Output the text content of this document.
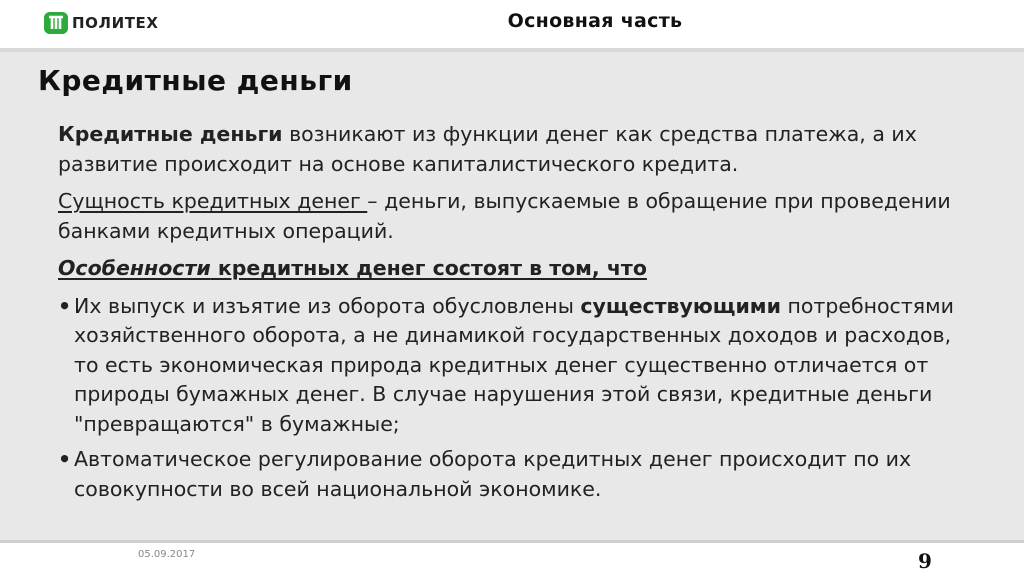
ПОЛИТЕХ	Основная часть
Кредитные деньги

Кредитные деньги возникают из функции денег как средства платежа, а их развитие происходит на основе капиталистического кредита.

Сущность кредитных денег – деньги, выпускаемые в обращение при проведении банками кредитных операций.

Особенности кредитных денег состоят в том, что

• Их выпуск и изъятие из оборота обусловлены существующими потребностями хозяйственного оборота, а не динамикой государственных доходов и расходов, то есть экономическая природа кредитных денег существенно отличается от природы бумажных денег. В случае нарушения этой связи, кредитные деньги "превращаются" в бумажные;
• Автоматическое регулирование оборота кредитных денег происходит по их совокупности во всей национальной экономике.
05.09.2017	9
